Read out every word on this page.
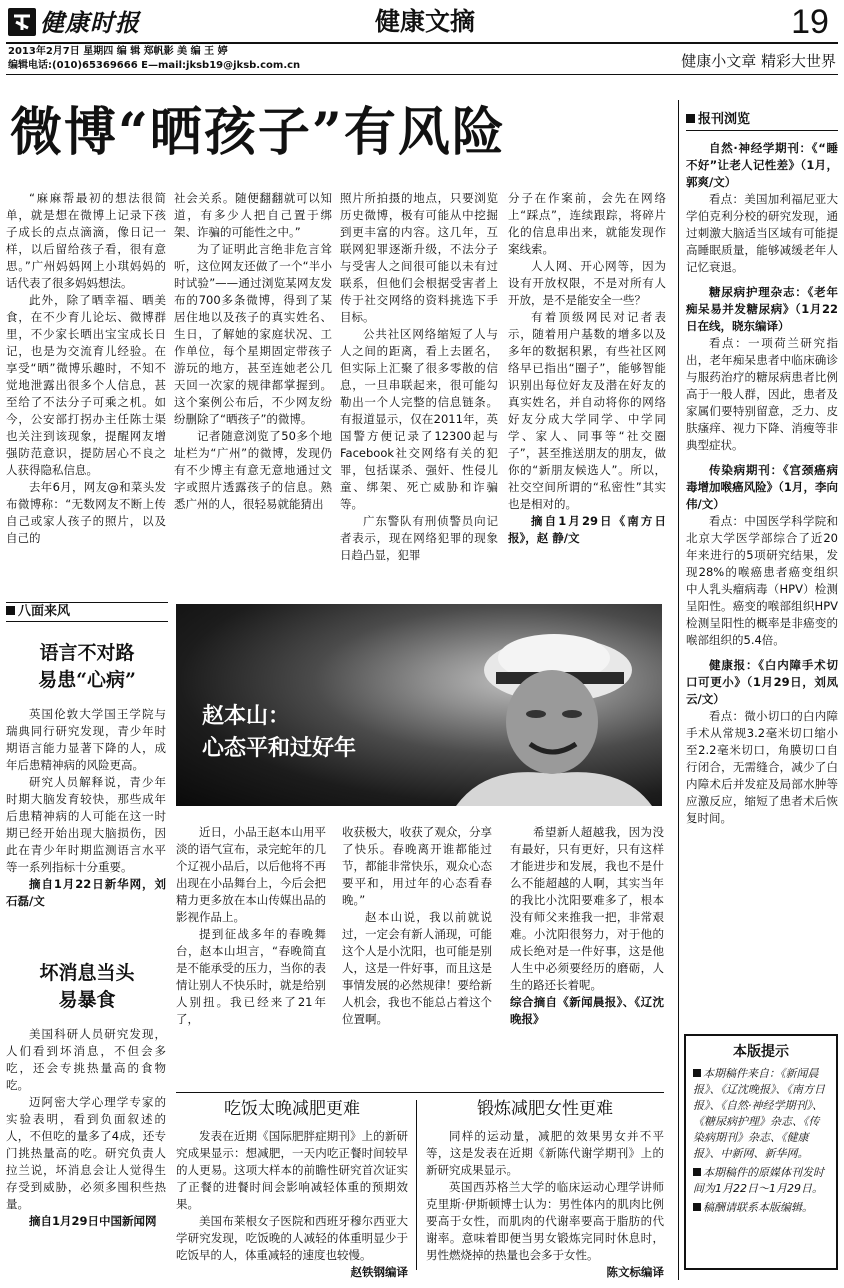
健康时报	健康文摘	19
2013年2月7日 星期四 编 辑 郑帆影 美 编 王 婷
编辑电话:(010)65369666 E—mail:jksb19@jksb.com.cn	健康小文章 精彩大世界
微博“晒孩子”有风险

“麻麻帮最初的想法很简单，就是想在微博上记录下孩子成长的点点滴滴，像日记一样，以后留给孩子看，很有意思。”广州妈妈网上小琪妈妈的话代表了很多妈妈想法。

此外，除了晒幸福、晒美食，在不少育儿论坛、微博群里，不少家长晒出宝宝成长日记，也是为交流育儿经验。在享受“晒”微博乐趣时，不知不觉地泄露出很多个人信息，甚至给了不法分子可乘之机。如今，公安部打拐办主任陈士渠也关注到该现象，提醒网友增强防范意识，提防居心不良之人获得隐私信息。

去年6月，网友@和菜头发布微博称：“无数网友不断上传自己或家人孩子的照片，以及自己的

社会关系。随便翻翻就可以知道，有多少人把自己置于绑架、诈骗的可能性之中。”

为了证明此言绝非危言耸听，这位网友还做了一个“半小时试验”——通过浏览某网友发布的700多条微博，得到了某居住地以及孩子的真实姓名、生日，了解她的家庭状况、工作单位，每个星期固定带孩子游玩的地方，甚至连她老公几天回一次家的规律都掌握到。这个案例公布后，不少网友纷纷删除了“晒孩子”的微博。

记者随意浏览了50多个地址栏为“广州”的微博，发现仍有不少博主有意无意地通过文字或照片透露孩子的信息。熟悉广州的人，很轻易就能猜出

照片所拍摄的地点，只要浏览历史微博，极有可能从中挖掘到更丰富的内容。这几年，互联网犯罪逐渐升级，不法分子与受害人之间很可能以未有过联系，但他们会根据受害者上传于社交网络的资料挑选下手目标。

公共社区网络缩短了人与人之间的距离，看上去匿名，但实际上汇聚了很多零散的信息，一旦串联起来，很可能勾勒出一个人完整的信息链条。有报道显示，仅在2011年，英国警方便记录了12300起与Facebook社交网络有关的犯罪，包括谋杀、强奸、性侵儿童、绑架、死亡威胁和诈骗等。

广东警队有刑侦警员向记者表示，现在网络犯罪的现象日趋凸显，犯罪

分子在作案前，会先在网络上“踩点”，连续跟踪，将碎片化的信息串出来，就能发现作案线索。

人人网、开心网等，因为设有开放权限，不是对所有人开放，是不是能安全一些？

有着顶级网民对记者表示，随着用户基数的增多以及多年的数据积累，有些社区网络早已指出“圈子”，能够智能识别出每位好友及潜在好友的真实姓名，并自动将你的网络好友分成大学同学、中学同学、家人、同事等“社交圈子”，甚至推送朋友的朋友，做你的“新朋友候选人”。所以，社交空间所谓的“私密性”其实也是相对的。

摘自1月29日《南方日报》，赵 静/文

八面来风
语言不对路
易患“心病”

英国伦敦大学国王学院与瑞典同行研究发现，青少年时期语言能力显著下降的人，成年后患精神病的风险更高。

研究人员解释说，青少年时期大脑发育较快，那些成年后患精神病的人可能在这一时期已经开始出现大脑损伤，因此在青少年时期监测语言水平等一系列指标十分重要。

摘自1月22日新华网，刘石磊/文

坏消息当头
易暴食

美国科研人员研究发现，人们看到坏消息，不但会多吃，还会专挑热量高的食物吃。

迈阿密大学心理学专家的实验表明，看到负面叙述的人，不但吃的量多了4成，还专门挑热量高的吃。研究负责人拉兰说，坏消息会让人觉得生存受到威胁，必须多囤积些热量。

摘自1月29日中国新闻网

赵本山：
心态平和过好年

近日，小品王赵本山用平淡的语气宣布，录完蛇年的几个辽视小品后，以后他将不再出现在小品舞台上，今后会把精力更多放在本山传媒出品的影视作品上。

提到征战多年的春晚舞台，赵本山坦言，“春晚简直是不能承受的压力，当你的表情让别人不快乐时，就是给别人别扭。我已经来了21年了，

收获极大，收获了观众，分享了快乐。春晚离开谁都能过节，都能非常快乐，观众心态要平和，用过年的心态看春晚。”

赵本山说，我以前就说过，一定会有新人涌现，可能这个人是小沈阳，也可能是别人，这是一件好事，而且这是事情发展的必然规律！要给新人机会，我也不能总占着这个位置啊。

希望新人超越我，因为没有最好，只有更好，只有这样才能进步和发展，我也不是什么不能超越的人啊，其实当年的我比小沈阳要难多了，根本没有师父来推我一把，非常艰难。小沈阳很努力，对于他的成长绝对是一件好事，这是他人生中必须要经历的磨砺，人生的路还长着呢。

综合摘自《新闻晨报》、《辽沈晚报》

吃饭太晚减肥更难

发表在近期《国际肥胖症期刊》上的新研究成果显示：想减肥，一天内吃正餐时间较早的人更易。这项大样本的前瞻性研究首次证实了正餐的进餐时间会影响减轻体重的预期效果。

美国布莱根女子医院和西班牙穆尔西亚大学研究发现，吃饭晚的人减轻的体重明显少于吃饭早的人，体重减轻的速度也较慢。

赵铁钢编译

锻炼减肥女性更难

同样的运动量，减肥的效果男女并不平等，这是发表在近期《新陈代谢学期刊》上的新研究成果显示。

英国西苏格兰大学的临床运动心理学讲师克里斯·伊斯顿博士认为：男性体内的肌肉比例要高于女性，而肌肉的代谢率要高于脂肪的代谢率。意味着即便当男女锻炼完同时休息时，男性燃烧掉的热量也会多于女性。

陈文标编译

报刊浏览

自然·神经学期刊：《“睡不好”让老人记性差》（1月，郭爽/文）

看点：美国加利福尼亚大学伯克利分校的研究发现，通过刺激大脑适当区域有可能提高睡眠质量，能够减缓老年人记忆衰退。

糖尿病护理杂志：《老年痴呆易并发糖尿病》（1月22日在线，晓东编译）

看点：一项荷兰研究指出，老年痴呆患者中临床确诊与服药治疗的糖尿病患者比例高于一般人群，因此，患者及家属们要特别留意，乏力、皮肤瘙痒、视力下降、消瘦等非典型症状。

传染病期刊：《宫颈癌病毒增加喉癌风险》（1月，李向伟/文）

看点：中国医学科学院和北京大学医学部综合了近20年来进行的5项研究结果，发现28%的喉癌患者癌变组织中人乳头瘤病毒（HPV）检测呈阳性。癌变的喉部组织HPV检测呈阳性的概率是非癌变的喉部组织的5.4倍。

健康报：《白内障手术切口可更小》（1月29日，刘凤云/文）

看点：微小切口的白内障手术从常规3.2毫米切口缩小至2.2毫米切口，角膜切口自行闭合，无需缝合，减少了白内障术后并发症及局部水肿等应激反应，缩短了患者术后恢复时间。

本版提示
本期稿件来自：《新闻晨报》、《辽沈晚报》、《南方日报》、《自然·神经学期刊》、《糖尿病护理》杂志、《传染病期刊》杂志、《健康报》、中新网、新华网。
本期稿件的原媒体刊发时间为1月22日～1月29日。
稿酬请联系本版编辑。
